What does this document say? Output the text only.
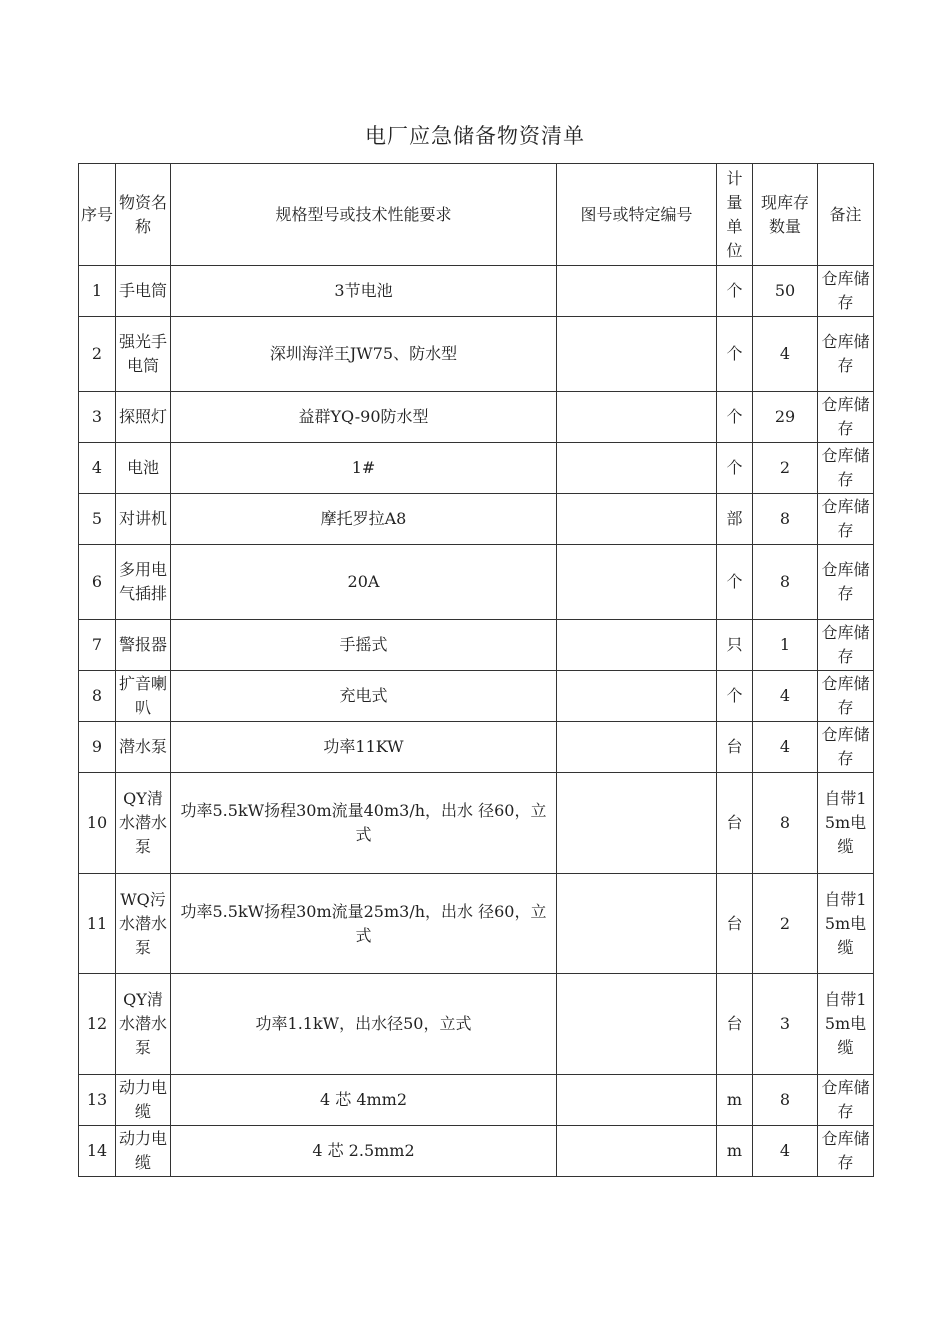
电厂应急储备物资清单
序号	物资名称	规格型号或技术性能要求	图号或特定编号	计量单位	现库存数量	备注
1	手电筒	3节电池		个	50	仓库储存
2	强光手电筒	深圳海洋王JW75、防水型		个	4	仓库储存
3	探照灯	益群YQ-90防水型		个	29	仓库储存
4	电池	1#		个	2	仓库储存
5	对讲机	摩托罗拉A8		部	8	仓库储存
6	多用电气插排	20A		个	8	仓库储存
7	警报器	手摇式		只	1	仓库储存
8	扩音喇叭	充电式		个	4	仓库储存
9	潜水泵	功率11KW		台	4	仓库储存
10	QY清水潜水泵	功率5.5kW扬程30m流量40m3/h，出水 径60，立式		台	8	自带15m电缆
11	WQ污水潜水泵	功率5.5kW扬程30m流量25m3/h，出水 径60，立式		台	2	自带15m电缆
12	QY清水潜水泵	功率1.1kW，出水径50，立式		台	3	自带15m电缆
13	动力电缆	4 芯 4mm2		m	8	仓库储存
14	动力电缆	4 芯 2.5mm2		m	4	仓库储存
